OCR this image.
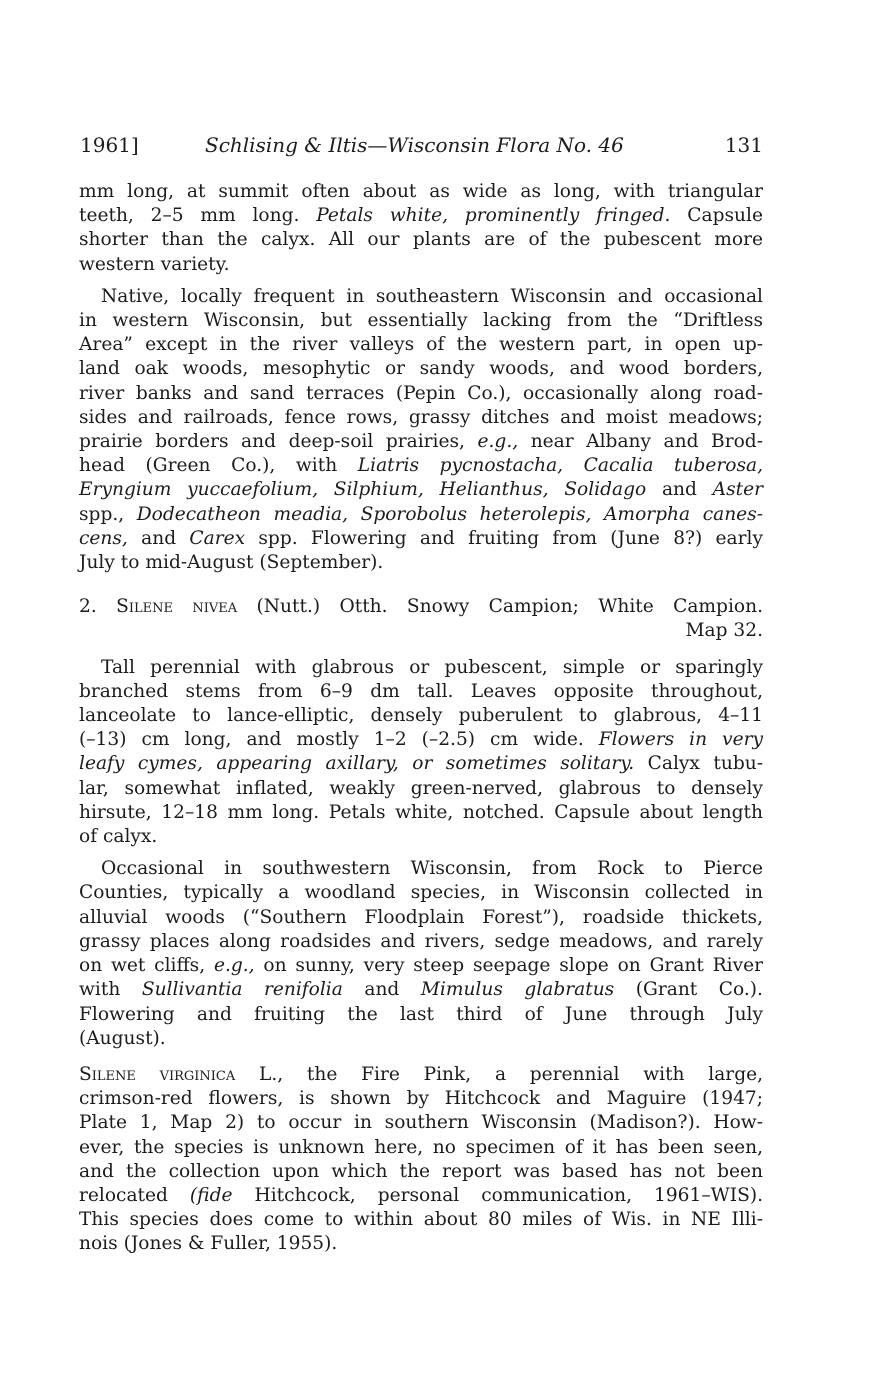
1961]	Schlising & Iltis—Wisconsin Flora No. 46	131
mm long, at summit often about as wide as long, with triangular
teeth, 2–5 mm long. Petals white, prominently fringed. Capsule
shorter than the calyx. All our plants are of the pubescent more
western variety.
Native, locally frequent in southeastern Wisconsin and occasional
in western Wisconsin, but essentially lacking from the “Driftless
Area” except in the river valleys of the western part, in open up-
land oak woods, mesophytic or sandy woods, and wood borders,
river banks and sand terraces (Pepin Co.), occasionally along road-
sides and railroads, fence rows, grassy ditches and moist meadows;
prairie borders and deep-soil prairies, e.g., near Albany and Brod-
head (Green Co.), with Liatris pycnostacha, Cacalia tuberosa,
Eryngium yuccaefolium, Silphium, Helianthus, Solidago and Aster
spp., Dodecatheon meadia, Sporobolus heterolepis, Amorpha canes-
cens, and Carex spp. Flowering and fruiting from (June 8?) early
July to mid-August (September).
2. Silene nivea (Nutt.) Otth. Snowy Campion; White Campion.
Map 32.
Tall perennial with glabrous or pubescent, simple or sparingly
branched stems from 6–9 dm tall. Leaves opposite throughout,
lanceolate to lance-elliptic, densely puberulent to glabrous, 4–11
(–13) cm long, and mostly 1–2 (–2.5) cm wide. Flowers in very
leafy cymes, appearing axillary, or sometimes solitary. Calyx tubu-
lar, somewhat inflated, weakly green-nerved, glabrous to densely
hirsute, 12–18 mm long. Petals white, notched. Capsule about length
of calyx.
Occasional in southwestern Wisconsin, from Rock to Pierce
Counties, typically a woodland species, in Wisconsin collected in
alluvial woods (“Southern Floodplain Forest”), roadside thickets,
grassy places along roadsides and rivers, sedge meadows, and rarely
on wet cliffs, e.g., on sunny, very steep seepage slope on Grant River
with Sullivantia renifolia and Mimulus glabratus (Grant Co.).
Flowering and fruiting the last third of June through July
(August).
Silene virginica L., the Fire Pink, a perennial with large,
crimson-red flowers, is shown by Hitchcock and Maguire (1947;
Plate 1, Map 2) to occur in southern Wisconsin (Madison?). How-
ever, the species is unknown here, no specimen of it has been seen,
and the collection upon which the report was based has not been
relocated (fide Hitchcock, personal communication, 1961–WIS).
This species does come to within about 80 miles of Wis. in NE Illi-
nois (Jones & Fuller, 1955).
